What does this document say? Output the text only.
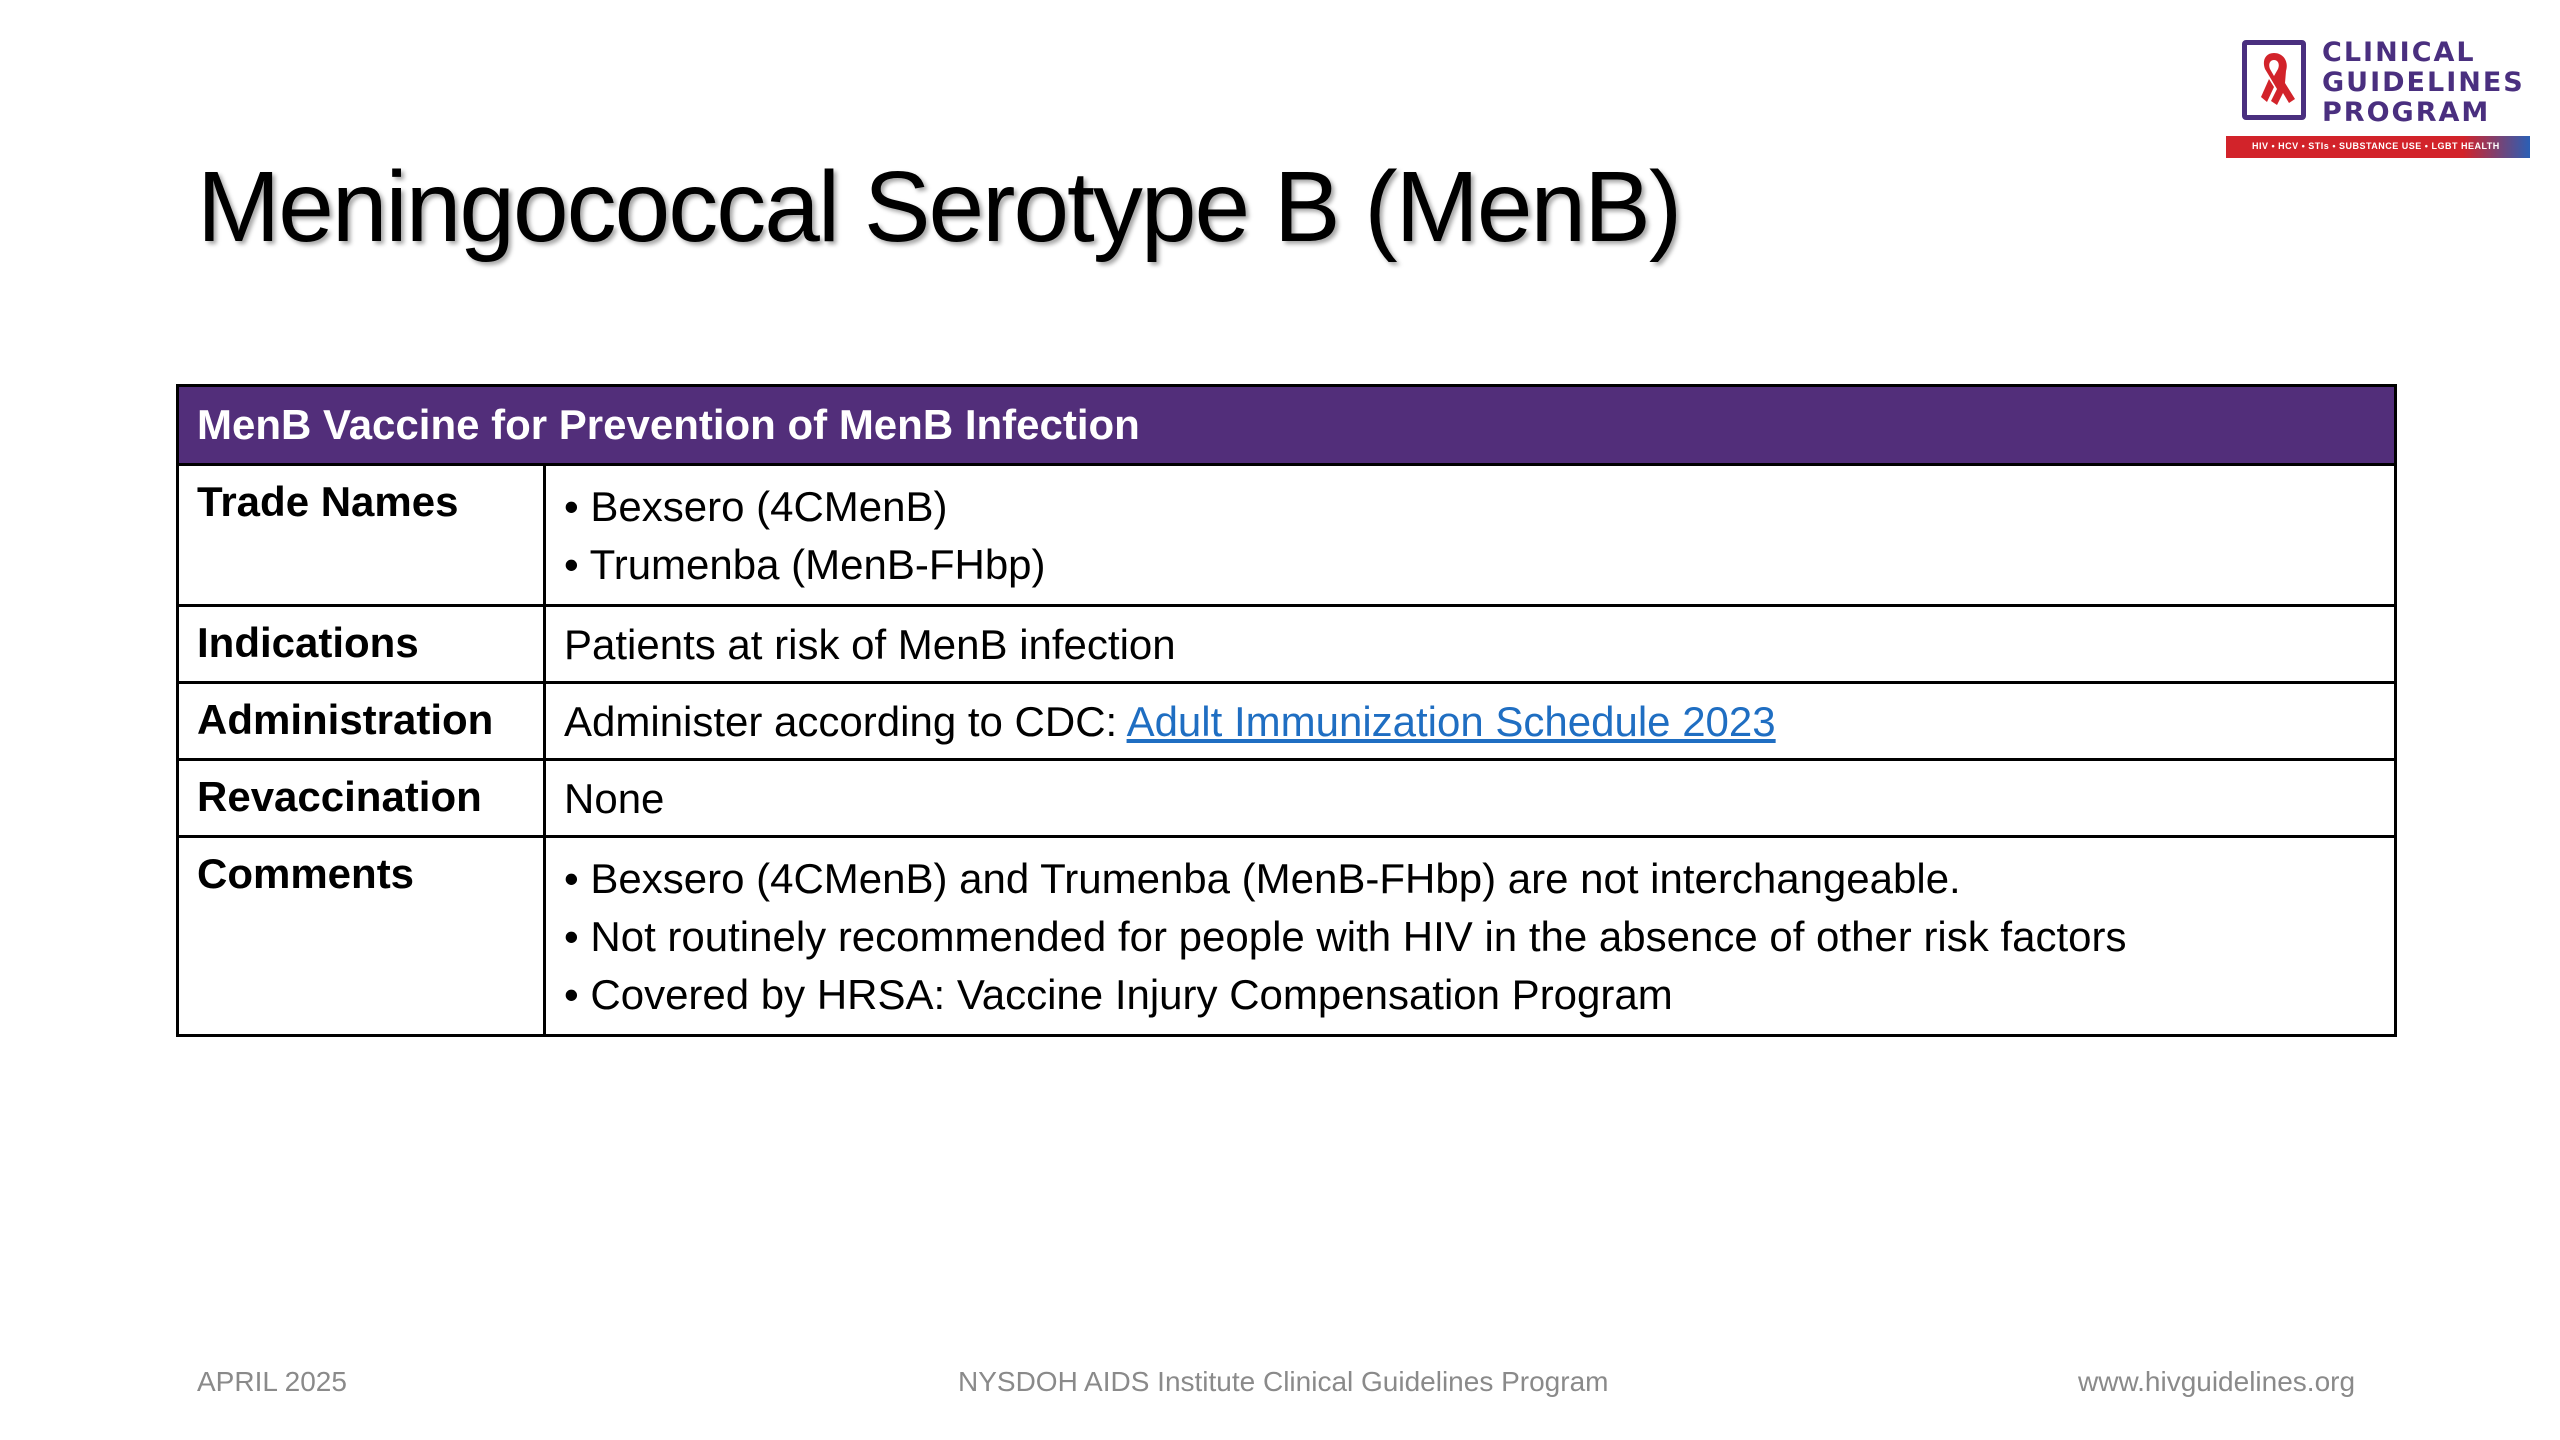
Meningococcal Serotype B (MenB)
CLINICAL
GUIDELINES
PROGRAM
HIV • HCV • STIs • SUBSTANCE USE • LGBT HEALTH
MenB Vaccine for Prevention of MenB Infection	
Trade Names	• Bexsero (4CMenB)
• Trumenba (MenB-FHbp)

Indications	Patients at risk of MenB infection
Administration	Administer according to CDC: Adult Immunization Schedule 2023
Revaccination	None
Comments	• Bexsero (4CMenB) and Trumenba (MenB-FHbp) are not interchangeable.
• Not routinely recommended for people with HIV in the absence of other risk factors
• Covered by HRSA: Vaccine Injury Compensation Program
APRIL 2025	NYSDOH AIDS Institute Clinical Guidelines Program	www.hivguidelines.org
